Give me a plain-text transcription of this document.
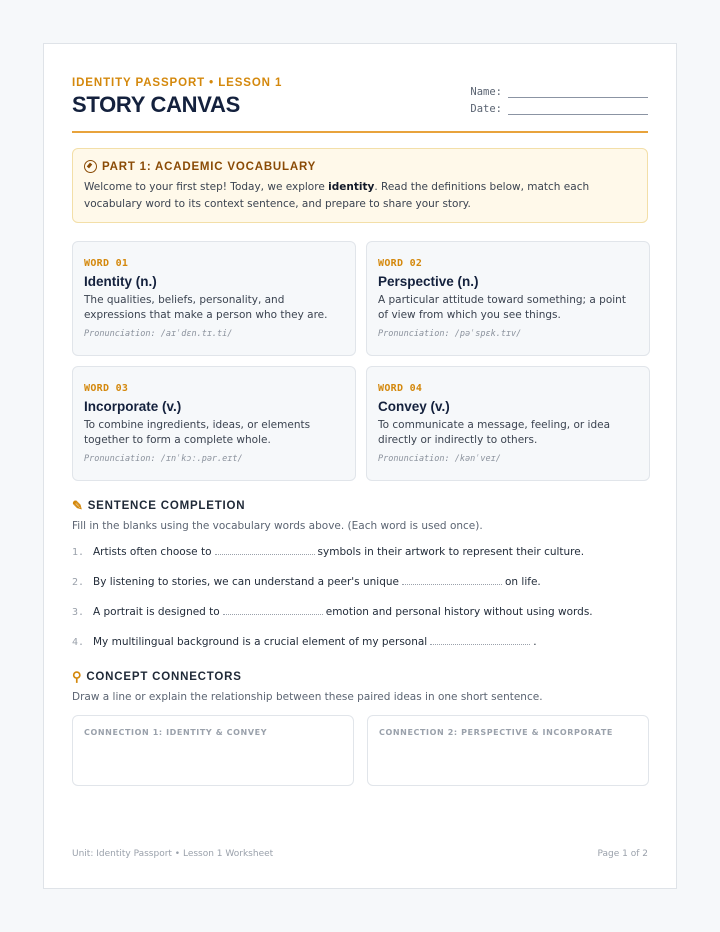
IDENTITY PASSPORT • LESSON 1
STORY CANVAS	Name:
Date:
PART 1: ACADEMIC VOCABULARY
Welcome to your first step! Today, we explore identity. Read the definitions below, match each vocabulary word to its context sentence, and prepare to share your story.
WORD 01
Identity (n.)
The qualities, beliefs, personality, and expressions that make a person who they are.
Pronunciation: /aɪˈdɛn.tɪ.ti/
WORD 02
Perspective (n.)
A particular attitude toward something; a point of view from which you see things.
Pronunciation: /pəˈspɛk.tɪv/
WORD 03
Incorporate (v.)
To combine ingredients, ideas, or elements together to form a complete whole.
Pronunciation: /ɪnˈkɔː.pər.eɪt/
WORD 04
Convey (v.)
To communicate a message, feeling, or idea directly or indirectly to others.
Pronunciation: /kənˈveɪ/
✎ SENTENCE COMPLETION
Fill in the blanks using the vocabulary words above. (Each word is used once).
1. Artists often choose to	symbols in their artwork to represent their culture.
2. By listening to stories, we can understand a peer's unique	on life.
3. A portrait is designed to	emotion and personal history without using words.
4. My multilingual background is a crucial element of my personal	.
⚲ CONCEPT CONNECTORS
Draw a line or explain the relationship between these paired ideas in one short sentence.
CONNECTION 1: IDENTITY & CONVEY	CONNECTION 2: PERSPECTIVE & INCORPORATE
Unit: Identity Passport • Lesson 1 Worksheet	Page 1 of 2
